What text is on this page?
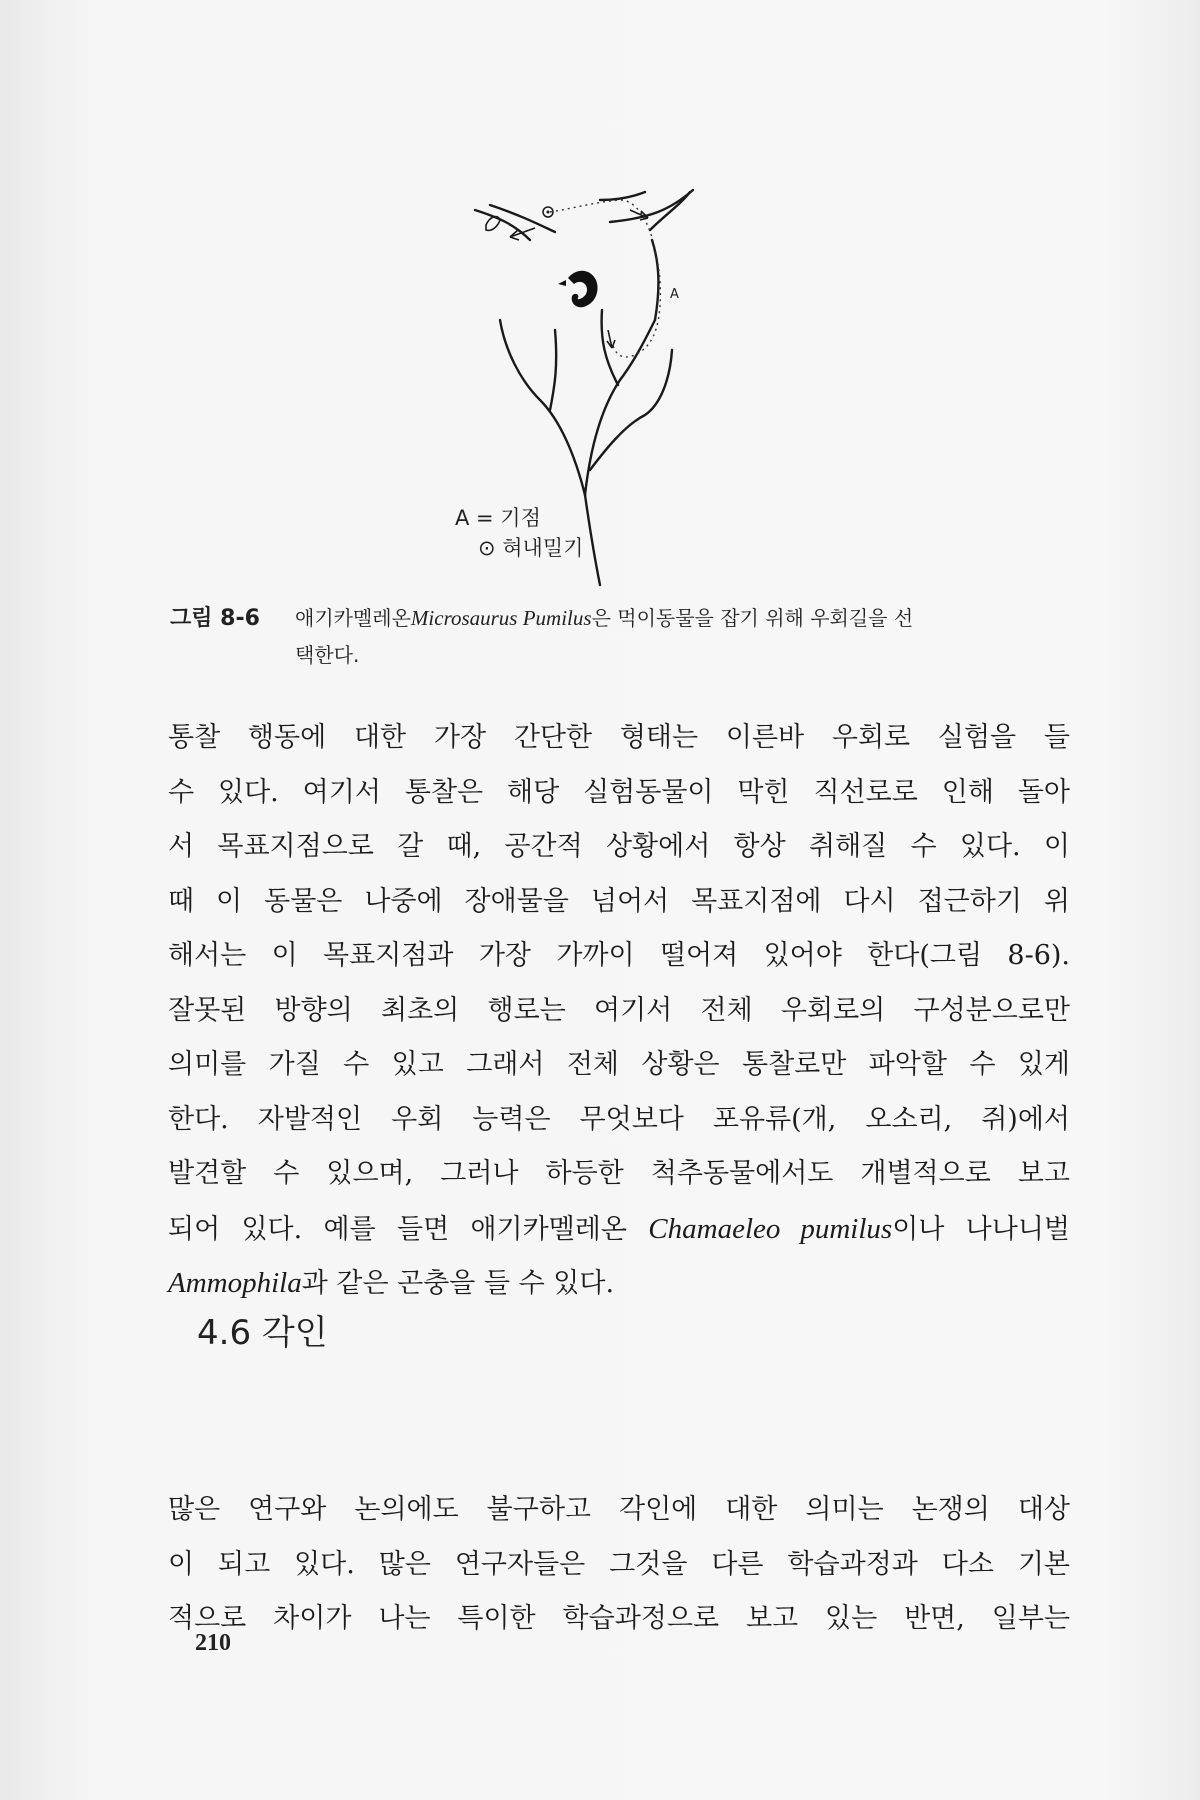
A
A = 기점
⊙ 혀내밀기
그림 8-6 애기카멜레온Microsaurus Pumilus은 먹이동물을 잡기 위해 우회길을 선
택한다.
통찰 행동에 대한 가장 간단한 형태는 이른바 우회로 실험을 들
수 있다. 여기서 통찰은 해당 실험동물이 막힌 직선로로 인해 돌아
서 목표지점으로 갈 때, 공간적 상황에서 항상 취해질 수 있다. 이
때 이 동물은 나중에 장애물을 넘어서 목표지점에 다시 접근하기 위
해서는 이 목표지점과 가장 가까이 떨어져 있어야 한다(그림 8-6).
잘못된 방향의 최초의 행로는 여기서 전체 우회로의 구성분으로만
의미를 가질 수 있고 그래서 전체 상황은 통찰로만 파악할 수 있게
한다. 자발적인 우회 능력은 무엇보다 포유류(개, 오소리, 쥐)에서
발견할 수 있으며, 그러나 하등한 척추동물에서도 개별적으로 보고
되어 있다. 예를 들면 애기카멜레온 Chamaeleo pumilus이나 나나니벌
Ammophila과 같은 곤충을 들 수 있다.
4.6 각인
많은 연구와 논의에도 불구하고 각인에 대한 의미는 논쟁의 대상
이 되고 있다. 많은 연구자들은 그것을 다른 학습과정과 다소 기본
적으로 차이가 나는 특이한 학습과정으로 보고 있는 반면, 일부는
210
